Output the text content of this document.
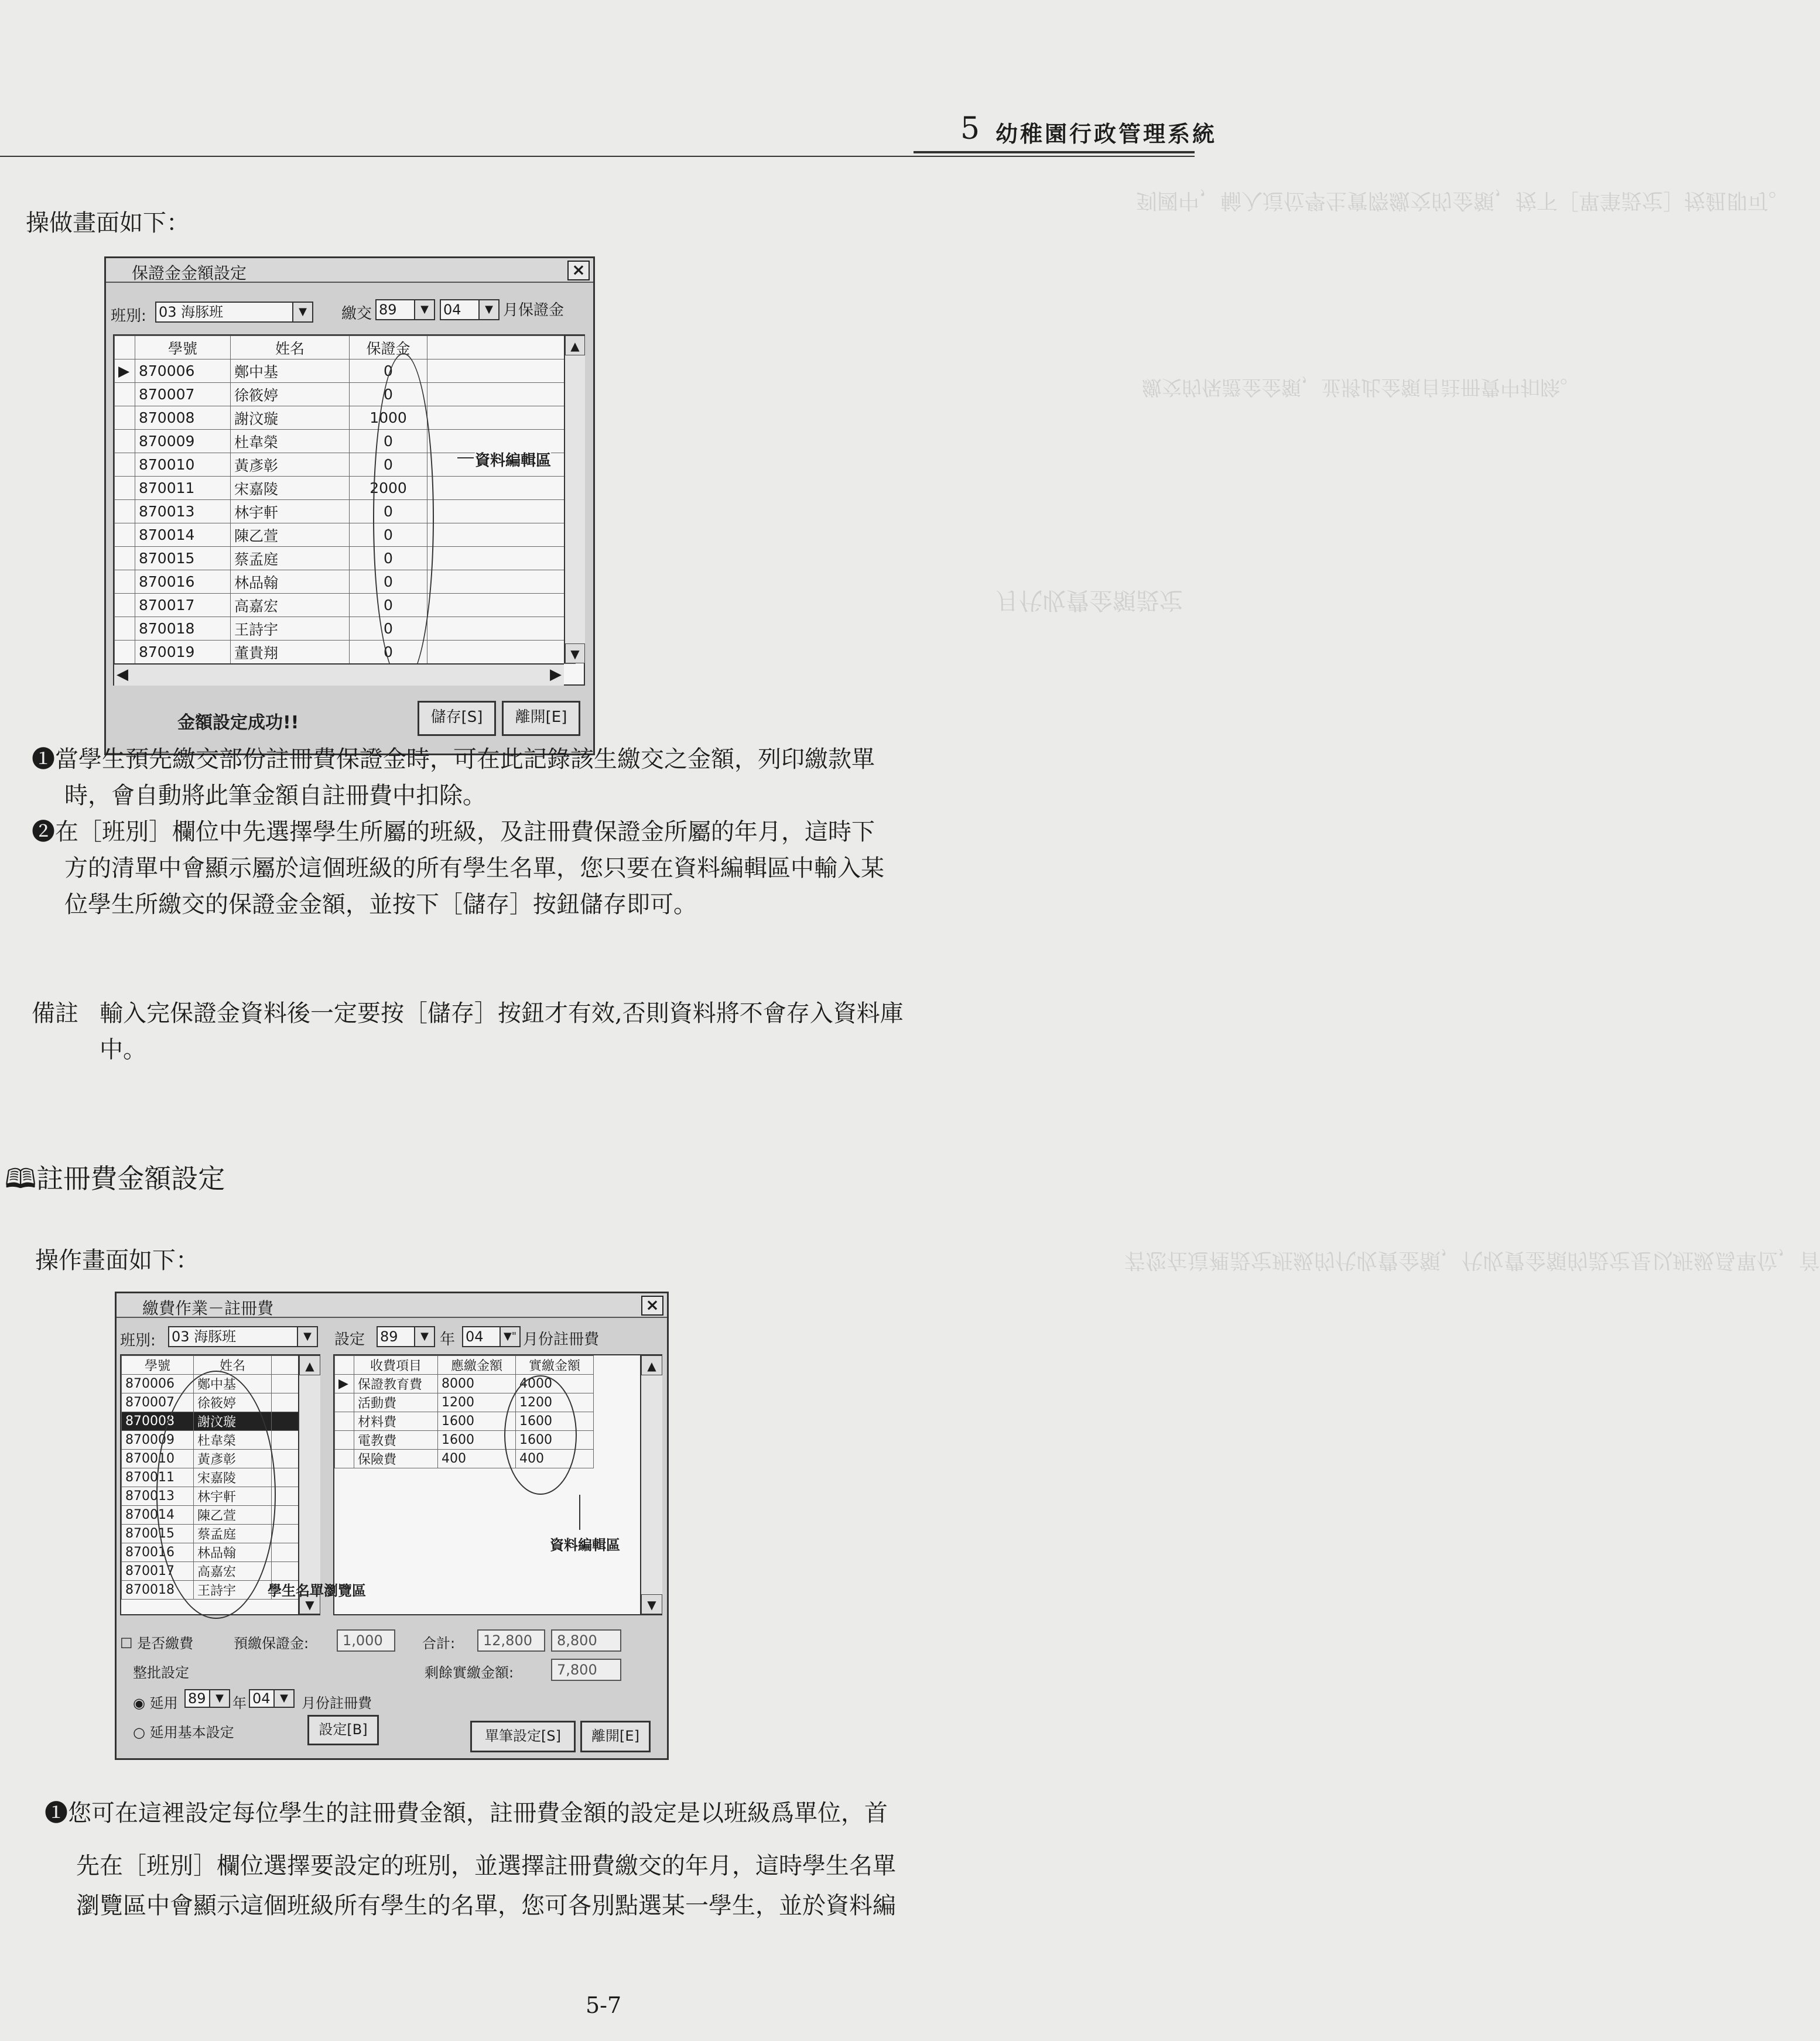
到國中，輸入這位學生實際繳交的金額，按下［單筆設定］按鈕即可。
繳交的保證金金額，並將此金額自註冊費中扣除。
月代收費金額設定
若您在這裡設定班級的代收費金額，代收費金額的設定是以班級爲單位，首
5 幼稚園行政管理系統
操做畫面如下：
保證金金額設定	×
班別: 03 海豚班	▼	繳交 89	▼	04	▼ 月保證金
	學號	姓名	保證金	
▶	870006	鄭中基	0	
	870007	徐筱婷	0	
	870008	謝汶璇	1000	
	870009	杜韋榮	0	
	870010	黃彥彰	0	
	870011	宋嘉陵	2000	
	870013	林宇軒	0	
	870014	陳乙萱	0	
	870015	蔡孟庭	0	
	870016	林品翰	0	
	870017	高嘉宏	0	
	870018	王詩宇	0	
	870019	董貴翔	0	
▲
▼
◀	▶
資料編輯區
金額設定成功!!	儲存[S]	離開[E]
❶當學生預先繳交部份註冊費保證金時，可在此記錄該生繳交之金額，列印繳款單
時，會自動將此筆金額自註冊費中扣除。
❷在［班別］欄位中先選擇學生所屬的班級，及註冊費保證金所屬的年月，這時下
方的清單中會顯示屬於這個班級的所有學生名單，您只要在資料編輯區中輸入某
位學生所繳交的保證金金額，並按下［儲存］按鈕儲存即可。
備註 輸入完保證金資料後一定要按［儲存］按鈕才有效,否則資料將不會存入資料庫
中。
🕮註冊費金額設定
操作畫面如下：
繳費作業－註冊費	×
班別: 03 海豚班	▼	設定 89	▼ 年 04	▼" 月份註冊費
學號	姓名	
870006	鄭中基	
870007	徐筱婷	
870008	謝汶璇	
870009	杜韋榮	
870010	黃彥彰	
870011	宋嘉陵	
870013	林宇軒	
870014	陳乙萱	
870015	蔡孟庭	
870016	林品翰	
870017	高嘉宏	
870018	王詩宇	
▲
▼
	收費項目	應繳金額	實繳金額
▶	保證教育費	8000	4000
	活動費	1200	1200
	材料費	1600	1600
	電教費	1600	1600
	保險費	400	400
▲
▼
資料編輯區
學生名單瀏覽區
☐ 是否繳費	預繳保證金:	1,000	合計:	12,800	8,800
剩餘實繳金額:	7,800
整批設定
◉ 延用 89 ▼ 年 04 ▼ 月份註冊費
○ 延用基本設定	設定[B]	單筆設定[S]	離開[E]
❶您可在這裡設定每位學生的註冊費金額，註冊費金額的設定是以班級爲單位，首
先在［班別］欄位選擇要設定的班別，並選擇註冊費繳交的年月，這時學生名單
瀏覽區中會顯示這個班級所有學生的名單，您可各別點選某一學生，並於資料編
5-7
